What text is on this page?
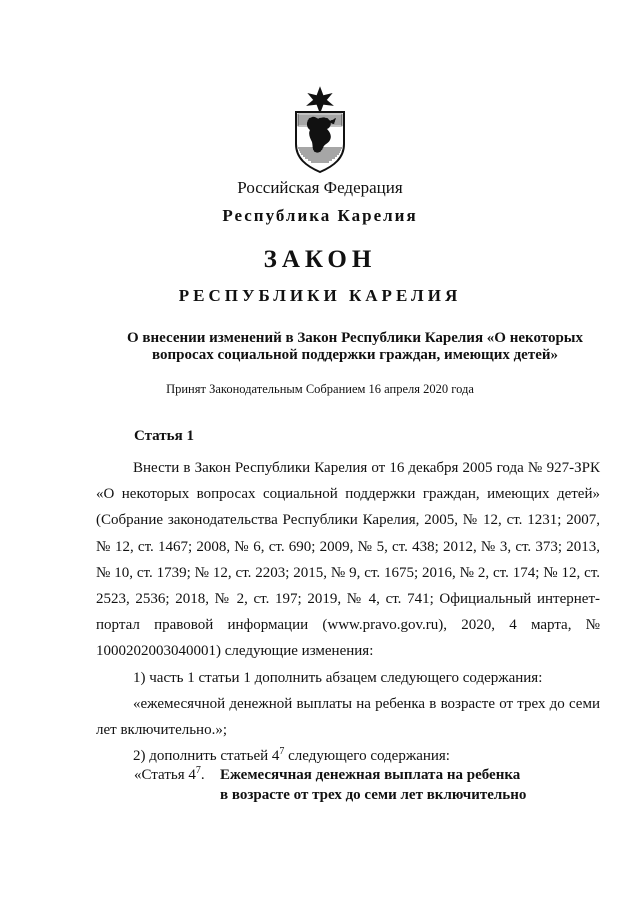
Российская Федерация
Республика Карелия
ЗАКОН
РЕСПУБЛИКИ КАРЕЛИЯ
О внесении изменений в Закон Республики Карелия «О некоторых вопросах социальной поддержки граждан, имеющих детей»
Принят Законодательным Собранием 16 апреля 2020 года
Статья 1

Внести в Закон Республики Карелия от 16 декабря 2005 года № 927-ЗРК «О некоторых вопросах социальной поддержки граждан, имеющих детей» (Собрание законодательства Республики Карелия, 2005, № 12, ст. 1231; 2007, № 12, ст. 1467; 2008, № 6, ст. 690; 2009, № 5, ст. 438; 2012, № 3, ст. 373; 2013, № 10, ст. 1739; № 12, ст. 2203; 2015, № 9, ст. 1675; 2016, № 2, ст. 174; № 12, ст. 2523, 2536; 2018, № 2, ст. 197; 2019, № 4, ст. 741; Официальный интернет-портал правовой информации (www.pravo.gov.ru), 2020, 4 марта, № 1000202003040001) следующие изменения:

1) часть 1 статьи 1 дополнить абзацем следующего содержания:

«ежемесячной денежной выплаты на ребенка в возрасте от трех до семи лет включительно.»;

2) дополнить статьей $4^7$ следующего содержания:

«Статья $4^7$. Ежемесячная денежная выплата на ребенка
в возрасте от трех до семи лет включительно
